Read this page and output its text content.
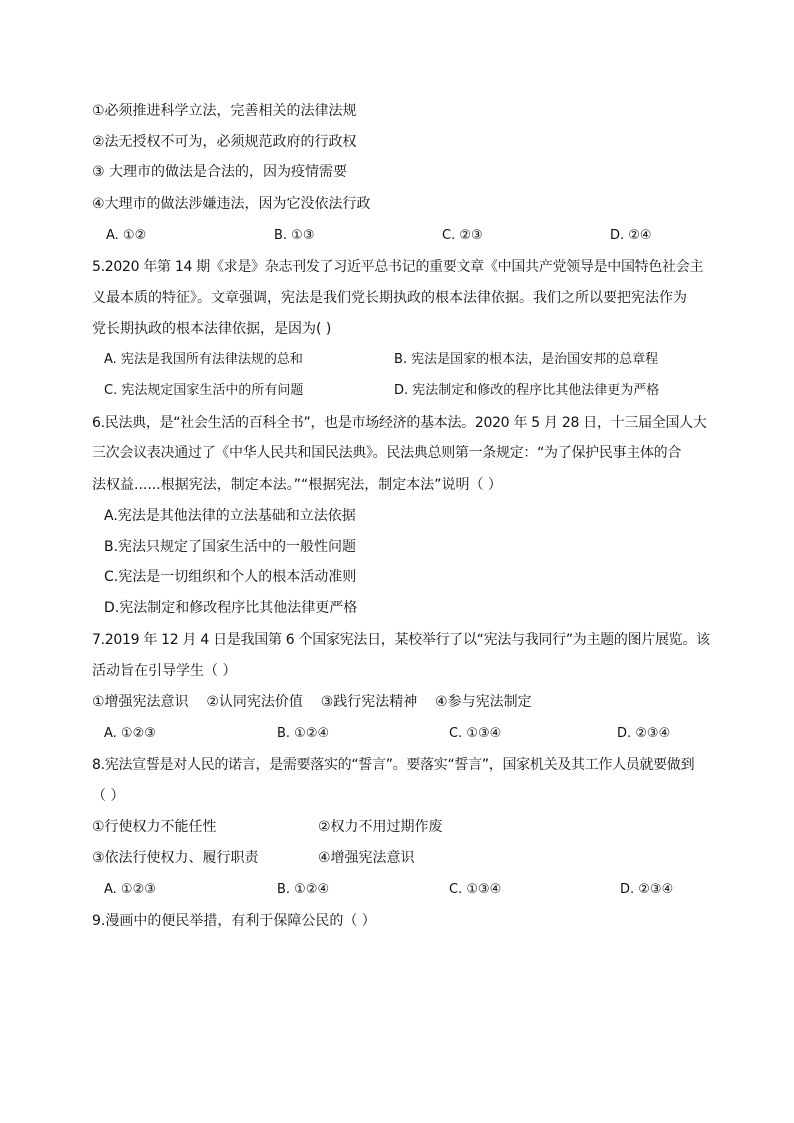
①必须推进科学立法，完善相关的法律法规
②法无授权不可为，必须规范政府的行政权
③ 大理市的做法是合法的，因为疫情需要
④大理市的做法涉嫌违法，因为它没依法行政
A. ①②	B. ①③	C. ②③	D. ②④
5.2020 年第 14 期《求是》杂志刊发了习近平总书记的重要文章《中国共产党领导是中国特色社会主
义最本质的特征》。文章强调，宪法是我们党长期执政的根本法律依据。我们之所以要把宪法作为
党长期执政的根本法律依据，是因为( )
A. 宪法是我国所有法律法规的总和	B. 宪法是国家的根本法，是治国安邦的总章程
C. 宪法规定国家生活中的所有问题	D. 宪法制定和修改的程序比其他法律更为严格
6.民法典，是“社会生活的百科全书”，也是市场经济的基本法。2020 年 5 月 28 日，十三届全国人大
三次会议表决通过了《中华人民共和国民法典》。民法典总则第一条规定：“为了保护民事主体的合
法权益......根据宪法，制定本法。”“根据宪法，制定本法”说明（ ）
A.宪法是其他法律的立法基础和立法依据
B.宪法只规定了国家生活中的一般性问题
C.宪法是一切组织和个人的根本活动准则
D.宪法制定和修改程序比其他法律更严格
7.2019 年 12 月 4 日是我国第 6 个国家宪法日，某校举行了以“宪法与我同行”为主题的图片展览。该
活动旨在引导学生（ ）
①增强宪法意识    ②认同宪法价值    ③践行宪法精神    ④参与宪法制定
A. ①②③	B. ①②④	C. ①③④	D. ②③④
8.宪法宣誓是对人民的诺言，是需要落实的“誓言”。要落实“誓言”，国家机关及其工作人员就要做到
（ ）
①行使权力不能任性	②权力不用过期作废
③依法行使权力、履行职责	④增强宪法意识
A. ①②③	B. ①②④	C. ①③④	D. ②③④
9.漫画中的便民举措，有利于保障公民的（ ）
